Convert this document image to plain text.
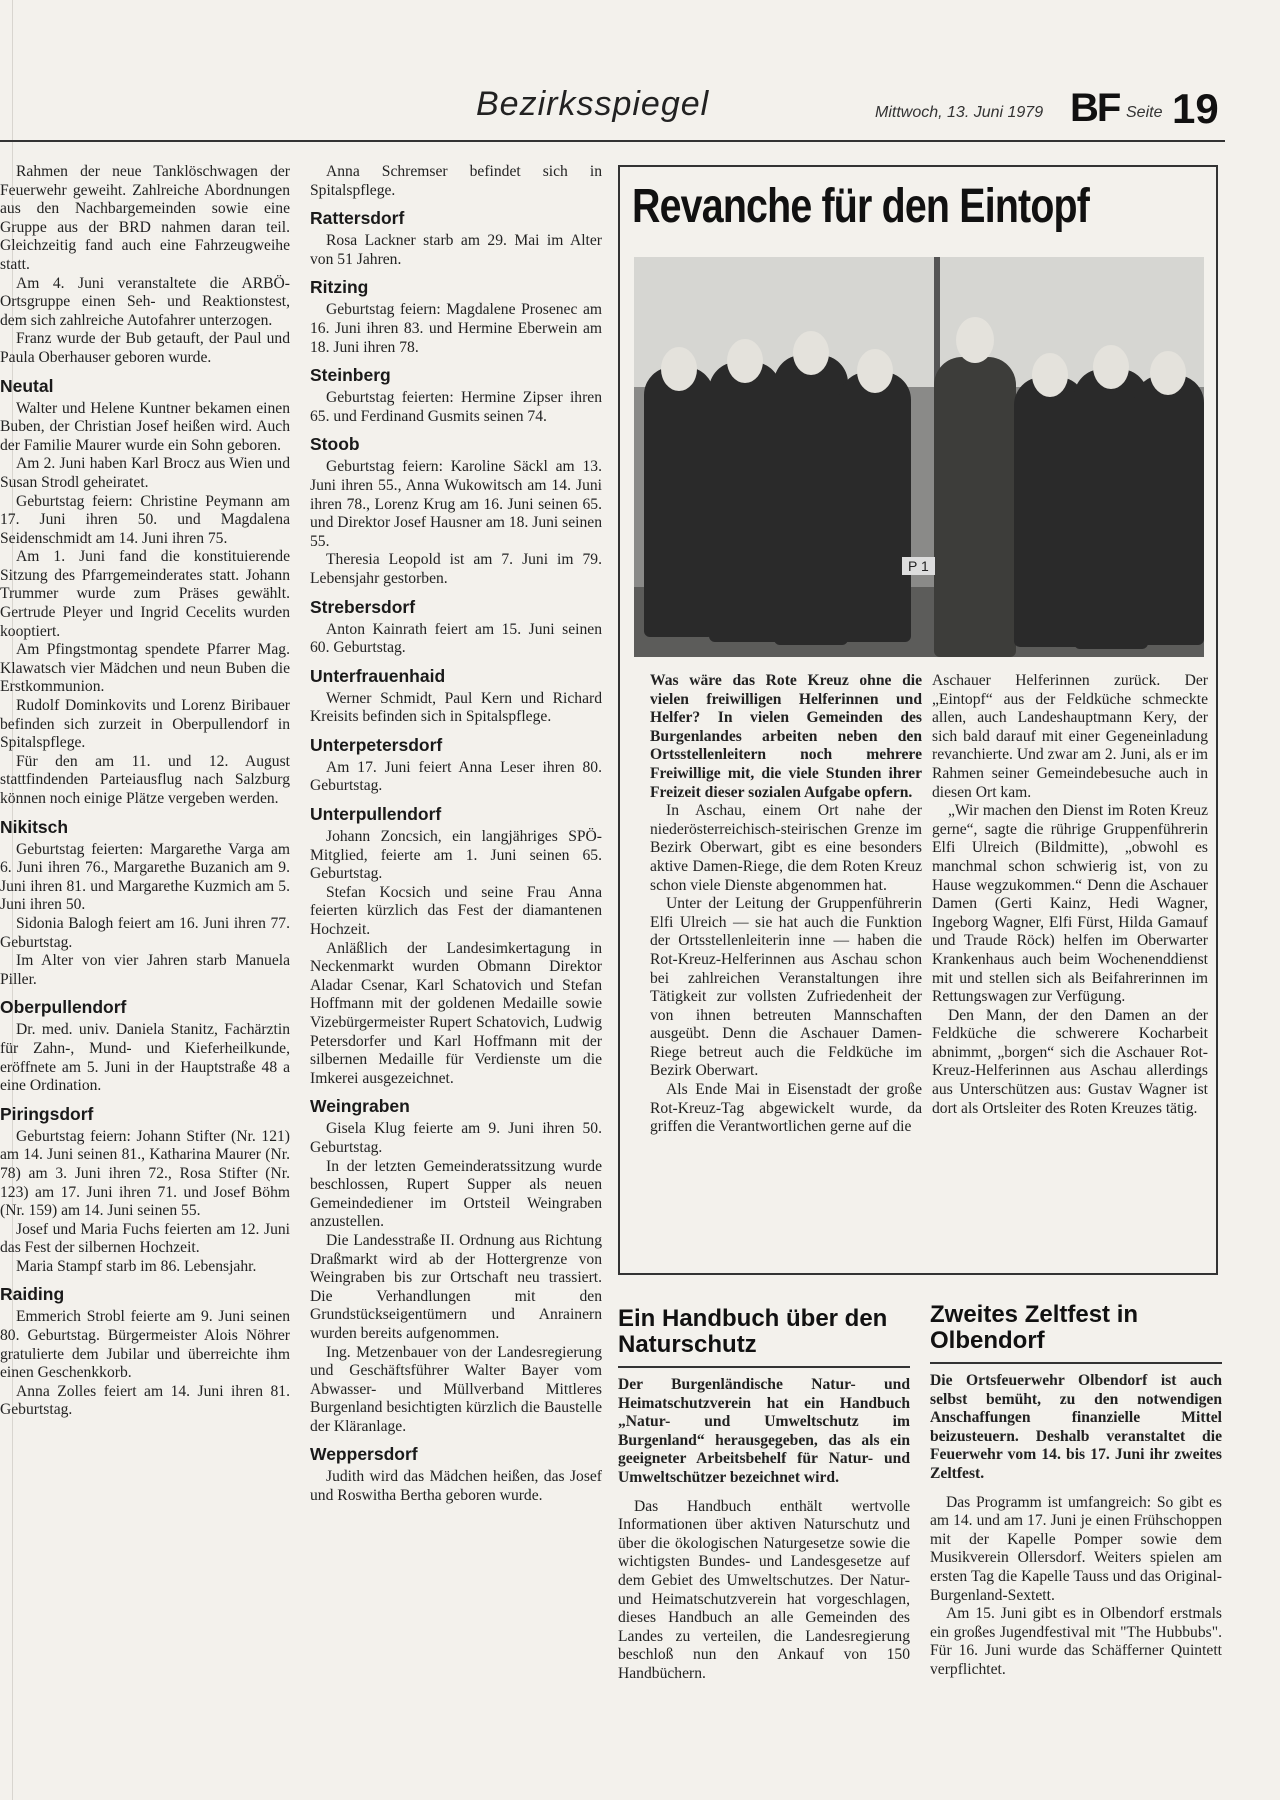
Bezirksspiegel	Mittwoch, 13. Juni 1979 BF Seite 19

Rahmen der neue Tanklöschwagen der Feuerwehr geweiht. Zahlreiche Abordnungen aus den Nachbargemeinden sowie eine Gruppe aus der BRD nahmen daran teil. Gleichzeitig fand auch eine Fahrzeugweihe statt.

Am 4. Juni veranstaltete die ARBÖ-Ortsgruppe einen Seh- und Reaktionstest, dem sich zahlreiche Autofahrer unterzogen.

Franz wurde der Bub getauft, der Paul und Paula Oberhauser geboren wurde.

Neutal

Walter und Helene Kuntner bekamen einen Buben, der Christian Josef heißen wird. Auch der Familie Maurer wurde ein Sohn geboren.

Am 2. Juni haben Karl Brocz aus Wien und Susan Strodl geheiratet.

Geburtstag feiern: Christine Peymann am 17. Juni ihren 50. und Magdalena Seidenschmidt am 14. Juni ihren 75.

Am 1. Juni fand die konstituierende Sitzung des Pfarrgemeinderates statt. Johann Trummer wurde zum Präses gewählt. Gertrude Pleyer und Ingrid Cecelits wurden kooptiert.

Am Pfingstmontag spendete Pfarrer Mag. Klawatsch vier Mädchen und neun Buben die Erstkommunion.

Rudolf Dominkovits und Lorenz Biribauer befinden sich zurzeit in Oberpullendorf in Spitalspflege.

Für den am 11. und 12. August stattfindenden Parteiausflug nach Salzburg können noch einige Plätze vergeben werden.

Nikitsch

Geburtstag feierten: Margarethe Varga am 6. Juni ihren 76., Margarethe Buzanich am 9. Juni ihren 81. und Margarethe Kuzmich am 5. Juni ihren 50.

Sidonia Balogh feiert am 16. Juni ihren 77. Geburtstag.

Im Alter von vier Jahren starb Manuela Piller.

Oberpullendorf

Dr. med. univ. Daniela Stanitz, Fachärztin für Zahn-, Mund- und Kieferheilkunde, eröffnete am 5. Juni in der Hauptstraße 48 a eine Ordination.

Piringsdorf

Geburtstag feiern: Johann Stifter (Nr. 121) am 14. Juni seinen 81., Katharina Maurer (Nr. 78) am 3. Juni ihren 72., Rosa Stifter (Nr. 123) am 17. Juni ihren 71. und Josef Böhm (Nr. 159) am 14. Juni seinen 55.

Josef und Maria Fuchs feierten am 12. Juni das Fest der silbernen Hochzeit.

Maria Stampf starb im 86. Lebensjahr.

Raiding

Emmerich Strobl feierte am 9. Juni seinen 80. Geburtstag. Bürgermeister Alois Nöhrer gratulierte dem Jubilar und überreichte ihm einen Geschenkkorb.

Anna Zolles feiert am 14. Juni ihren 81. Geburtstag.

Anna Schremser befindet sich in Spitalspflege.

Rattersdorf

Rosa Lackner starb am 29. Mai im Alter von 51 Jahren.

Ritzing

Geburtstag feiern: Magdalene Prosenec am 16. Juni ihren 83. und Hermine Eberwein am 18. Juni ihren 78.

Steinberg

Geburtstag feierten: Hermine Zipser ihren 65. und Ferdinand Gusmits seinen 74.

Stoob

Geburtstag feiern: Karoline Säckl am 13. Juni ihren 55., Anna Wukowitsch am 14. Juni ihren 78., Lorenz Krug am 16. Juni seinen 65. und Direktor Josef Hausner am 18. Juni seinen 55.

Theresia Leopold ist am 7. Juni im 79. Lebensjahr gestorben.

Strebersdorf

Anton Kainrath feiert am 15. Juni seinen 60. Geburtstag.

Unterfrauenhaid

Werner Schmidt, Paul Kern und Richard Kreisits befinden sich in Spitalspflege.

Unterpetersdorf

Am 17. Juni feiert Anna Leser ihren 80. Geburtstag.

Unterpullendorf

Johann Zoncsich, ein langjähriges SPÖ-Mitglied, feierte am 1. Juni seinen 65. Geburtstag.

Stefan Kocsich und seine Frau Anna feierten kürzlich das Fest der diamantenen Hochzeit.

Anläßlich der Landesimkertagung in Neckenmarkt wurden Obmann Direktor Aladar Csenar, Karl Schatovich und Stefan Hoffmann mit der goldenen Medaille sowie Vizebürgermeister Rupert Schatovich, Ludwig Petersdorfer und Karl Hoffmann mit der silbernen Medaille für Verdienste um die Imkerei ausgezeichnet.

Weingraben

Gisela Klug feierte am 9. Juni ihren 50. Geburtstag.

In der letzten Gemeinderatssitzung wurde beschlossen, Rupert Supper als neuen Gemeindediener im Ortsteil Weingraben anzustellen.

Die Landesstraße II. Ordnung aus Richtung Draßmarkt wird ab der Hottergrenze von Weingraben bis zur Ortschaft neu trassiert. Die Verhandlungen mit den Grundstückseigentümern und Anrainern wurden bereits aufgenommen.

Ing. Metzenbauer von der Landesregierung und Geschäftsführer Walter Bayer vom Abwasser- und Müllverband Mittleres Burgenland besichtigten kürzlich die Baustelle der Kläranlage.

Weppersdorf

Judith wird das Mädchen heißen, das Josef und Roswitha Bertha geboren wurde.

Revanche für den Eintopf
P 1

Was wäre das Rote Kreuz ohne die vielen freiwilligen Helferinnen und Helfer? In vielen Gemeinden des Burgenlandes arbeiten neben den Ortsstellenleitern noch mehrere Freiwillige mit, die viele Stunden ihrer Freizeit dieser sozialen Aufgabe opfern.

In Aschau, einem Ort nahe der niederösterreichisch-steirischen Grenze im Bezirk Oberwart, gibt es eine besonders aktive Damen-Riege, die dem Roten Kreuz schon viele Dienste abgenommen hat.

Unter der Leitung der Gruppenführerin Elfi Ulreich — sie hat auch die Funktion der Ortsstellenleiterin inne — haben die Rot-Kreuz-Helferinnen aus Aschau schon bei zahlreichen Veranstaltungen ihre Tätigkeit zur vollsten Zufriedenheit der von ihnen betreuten Mannschaften ausgeübt. Denn die Aschauer Damen-Riege betreut auch die Feldküche im Bezirk Oberwart.

Als Ende Mai in Eisenstadt der große Rot-Kreuz-Tag abgewickelt wurde, da griffen die Verantwortlichen gerne auf die

Aschauer Helferinnen zurück. Der „Eintopf“ aus der Feldküche schmeckte allen, auch Landeshauptmann Kery, der sich bald darauf mit einer Gegeneinladung revanchierte. Und zwar am 2. Juni, als er im Rahmen seiner Gemeindebesuche auch in diesen Ort kam.

„Wir machen den Dienst im Roten Kreuz gerne“, sagte die rührige Gruppenführerin Elfi Ulreich (Bildmitte), „obwohl es manchmal schon schwierig ist, von zu Hause wegzukommen.“ Denn die Aschauer Damen (Gerti Kainz, Hedi Wagner, Ingeborg Wagner, Elfi Fürst, Hilda Gamauf und Traude Röck) helfen im Oberwarter Krankenhaus auch beim Wochenenddienst mit und stellen sich als Beifahrerinnen im Rettungswagen zur Verfügung.

Den Mann, der den Damen an der Feldküche die schwerere Kocharbeit abnimmt, „borgen“ sich die Aschauer Rot-Kreuz-Helferinnen aus Aschau allerdings aus Unterschützen aus: Gustav Wagner ist dort als Ortsleiter des Roten Kreuzes tätig.

Ein Handbuch über den Naturschutz

Der Burgenländische Natur- und Heimatschutzverein hat ein Handbuch „Natur- und Umweltschutz im Burgenland“ herausgegeben, das als ein geeigneter Arbeitsbehelf für Natur- und Umweltschützer bezeichnet wird.

Das Handbuch enthält wertvolle Informationen über aktiven Naturschutz und über die ökologischen Naturgesetze sowie die wichtigsten Bundes- und Landesgesetze auf dem Gebiet des Umweltschutzes. Der Natur- und Heimatschutzverein hat vorgeschlagen, dieses Handbuch an alle Gemeinden des Landes zu verteilen, die Landesregierung beschloß nun den Ankauf von 150 Handbüchern.

Zweites Zeltfest in Olbendorf

Die Ortsfeuerwehr Olbendorf ist auch selbst bemüht, zu den notwendigen Anschaffungen finanzielle Mittel beizusteuern. Deshalb veranstaltet die Feuerwehr vom 14. bis 17. Juni ihr zweites Zeltfest.

Das Programm ist umfangreich: So gibt es am 14. und am 17. Juni je einen Frühschoppen mit der Kapelle Pomper sowie dem Musikverein Ollersdorf. Weiters spielen am ersten Tag die Kapelle Tauss und das Original-Burgenland-Sextett.

Am 15. Juni gibt es in Olbendorf erstmals ein großes Jugendfestival mit "The Hubbubs". Für 16. Juni wurde das Schäfferner Quintett verpflichtet.
